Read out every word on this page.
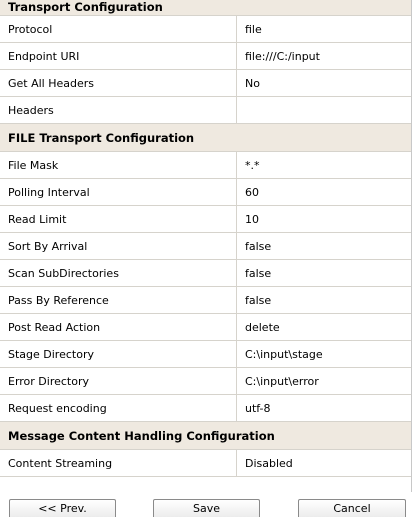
Transport Configuration
Protocol	file
Endpoint URI	file:///C:/input
Get All Headers	No
Headers
FILE Transport Configuration
File Mask	*.*
Polling Interval	60
Read Limit	10
Sort By Arrival	false
Scan SubDirectories	false
Pass By Reference	false
Post Read Action	delete
Stage Directory	C:\input\stage
Error Directory	C:\input\error
Request encoding	utf-8
Message Content Handling Configuration
Content Streaming	Disabled
<< Prev.	Save	Cancel
